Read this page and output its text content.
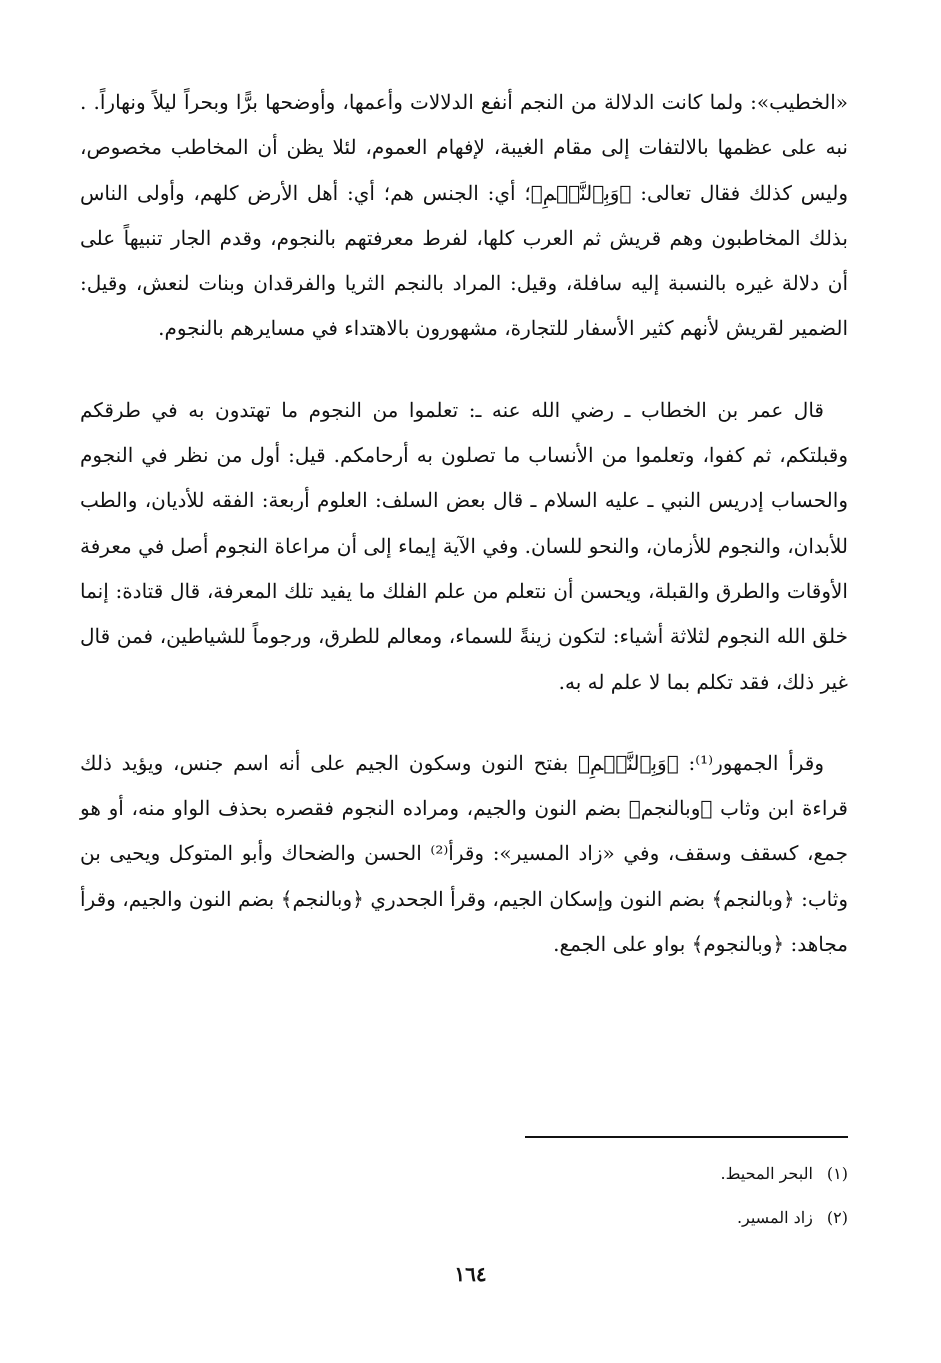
«الخطيب»: ولما كانت الدلالة من النجم أنفع الدلالات وأعمها، وأوضحها برًّا وبحراً ليلاً ونهاراً. . نبه على عظمها بالالتفات إلى مقام الغيبة، لإفهام العموم، لئلا يظن أن المخاطب مخصوص، وليس كذلك فقال تعالى: ﴿وَبِٱلنَّجۡمِ﴾؛ أي: الجنس هم؛ أي: أهل الأرض كلهم، وأولى الناس بذلك المخاطبون وهم قريش ثم العرب كلها، لفرط معرفتهم بالنجوم، وقدم الجار تنبيهاً على أن دلالة غيره بالنسبة إليه سافلة، وقيل: المراد بالنجم الثريا والفرقدان وبنات لنعش، وقيل: الضمير لقريش لأنهم كثير الأسفار للتجارة، مشهورون بالاهتداء في مسايرهم بالنجوم.

قال عمر بن الخطاب ـ رضي الله عنه ـ: تعلموا من النجوم ما تهتدون به في طرقكم وقبلتكم، ثم كفوا، وتعلموا من الأنساب ما تصلون به أرحامكم. قيل: أول من نظر في النجوم والحساب إدريس النبي ـ عليه السلام ـ قال بعض السلف: العلوم أربعة: الفقه للأديان، والطب للأبدان، والنجوم للأزمان، والنحو للسان. وفي الآية إيماء إلى أن مراعاة النجوم أصل في معرفة الأوقات والطرق والقبلة، ويحسن أن نتعلم من علم الفلك ما يفيد تلك المعرفة، قال قتادة: إنما خلق الله النجوم لثلاثة أشياء: لتكون زينةً للسماء، ومعالم للطرق، ورجوماً للشياطين، فمن قال غير ذلك، فقد تكلم بما لا علم له به.

وقرأ الجمهور⁽¹⁾: ﴿وَبِٱلنَّجۡمِ﴾ بفتح النون وسكون الجيم على أنه اسم جنس، ويؤيد ذلك قراءة ابن وثاب ﴿وبالنجم﴾ بضم النون والجيم، ومراده النجوم فقصره بحذف الواو منه، أو هو جمع، كسقف وسقف، وفي «زاد المسير»: وقرأ⁽²⁾ الحسن والضحاك وأبو المتوكل ويحيى بن وثاب: ﴿وبالنجم﴾ بضم النون وإسكان الجيم، وقرأ الجحدري ﴿وبالنجم﴾ بضم النون والجيم، وقرأ مجاهد: ﴿وبالنجوم﴾ بواو على الجمع.

(١) البحر المحيط.

(٢) زاد المسير.

١٦٤
